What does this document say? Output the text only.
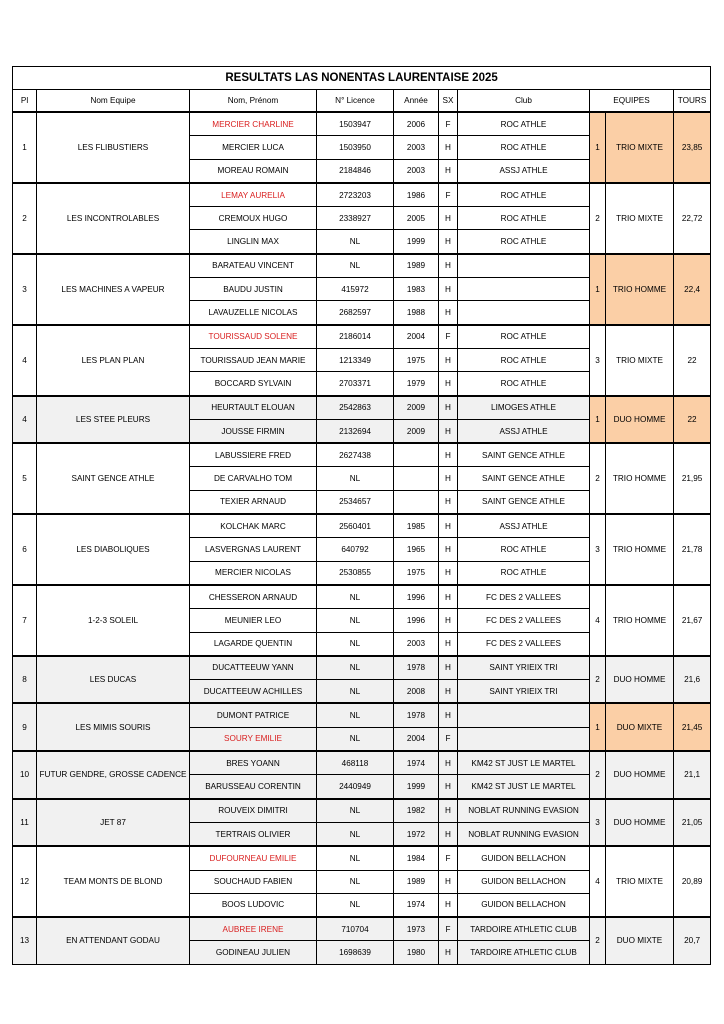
RESULTATS LAS NONENTAS LAURENTAISE 2025									
Pl	Nom Equipe	Nom, Prénom	N° Licence	Année	SX	Club	EQUIPES		TOURS
1	LES FLIBUSTIERS	MERCIER CHARLINE	1503947	2006	F	ROC ATHLE	1	TRIO MIXTE	23,85
		MERCIER LUCA	1503950	2003	H	ROC ATHLE			
		MOREAU ROMAIN	2184846	2003	H	ASSJ ATHLE			
2	LES INCONTROLABLES	LEMAY AURELIA	2723203	1986	F	ROC ATHLE	2	TRIO MIXTE	22,72
		CREMOUX HUGO	2338927	2005	H	ROC ATHLE			
		LINGLIN MAX	NL	1999	H	ROC ATHLE			
3	LES MACHINES A VAPEUR	BARATEAU VINCENT	NL	1989	H		1	TRIO HOMME	22,4
		BAUDU JUSTIN	415972	1983	H				
		LAVAUZELLE NICOLAS	2682597	1988	H				
4	LES PLAN PLAN	TOURISSAUD SOLENE	2186014	2004	F	ROC ATHLE	3	TRIO MIXTE	22
		TOURISSAUD JEAN MARIE	1213349	1975	H	ROC ATHLE			
		BOCCARD SYLVAIN	2703371	1979	H	ROC ATHLE			
4	LES STEE PLEURS	HEURTAULT ELOUAN	2542863	2009	H	LIMOGES ATHLE	1	DUO HOMME	22
		JOUSSE FIRMIN	2132694	2009	H	ASSJ ATHLE			
5	SAINT GENCE ATHLE	LABUSSIERE FRED	2627438		H	SAINT GENCE ATHLE	2	TRIO HOMME	21,95
		DE CARVALHO TOM	NL		H	SAINT GENCE ATHLE			
		TEXIER ARNAUD	2534657		H	SAINT GENCE ATHLE			
6	LES DIABOLIQUES	KOLCHAK MARC	2560401	1985	H	ASSJ ATHLE	3	TRIO HOMME	21,78
		LASVERGNAS LAURENT	640792	1965	H	ROC ATHLE			
		MERCIER NICOLAS	2530855	1975	H	ROC ATHLE			
7	1-2-3 SOLEIL	CHESSERON ARNAUD	NL	1996	H	FC DES 2 VALLEES	4	TRIO HOMME	21,67
		MEUNIER LEO	NL	1996	H	FC DES 2 VALLEES			
		LAGARDE QUENTIN	NL	2003	H	FC DES 2 VALLEES			
8	LES DUCAS	DUCATTEEUW YANN	NL	1978	H	SAINT YRIEIX TRI	2	DUO HOMME	21,6
		DUCATTEEUW ACHILLES	NL	2008	H	SAINT YRIEIX TRI			
9	LES MIMIS SOURIS	DUMONT PATRICE	NL	1978	H		1	DUO MIXTE	21,45
		SOURY EMILIE	NL	2004	F				
10	FUTUR GENDRE, GROSSE CADENCE	BRES YOANN	468118	1974	H	KM42 ST JUST LE MARTEL	2	DUO HOMME	21,1
		BARUSSEAU CORENTIN	2440949	1999	H	KM42 ST JUST LE MARTEL			
11	JET 87	ROUVEIX DIMITRI	NL	1982	H	NOBLAT RUNNING EVASION	3	DUO HOMME	21,05
		TERTRAIS OLIVIER	NL	1972	H	NOBLAT RUNNING EVASION			
12	TEAM MONTS DE BLOND	DUFOURNEAU EMILIE	NL	1984	F	GUIDON BELLACHON	4	TRIO MIXTE	20,89
		SOUCHAUD FABIEN	NL	1989	H	GUIDON BELLACHON			
		BOOS LUDOVIC	NL	1974	H	GUIDON BELLACHON			
13	EN ATTENDANT GODAU	AUBREE IRENE	710704	1973	F	TARDOIRE ATHLETIC CLUB	2	DUO MIXTE	20,7
		GODINEAU JULIEN	1698639	1980	H	TARDOIRE ATHLETIC CLUB			
